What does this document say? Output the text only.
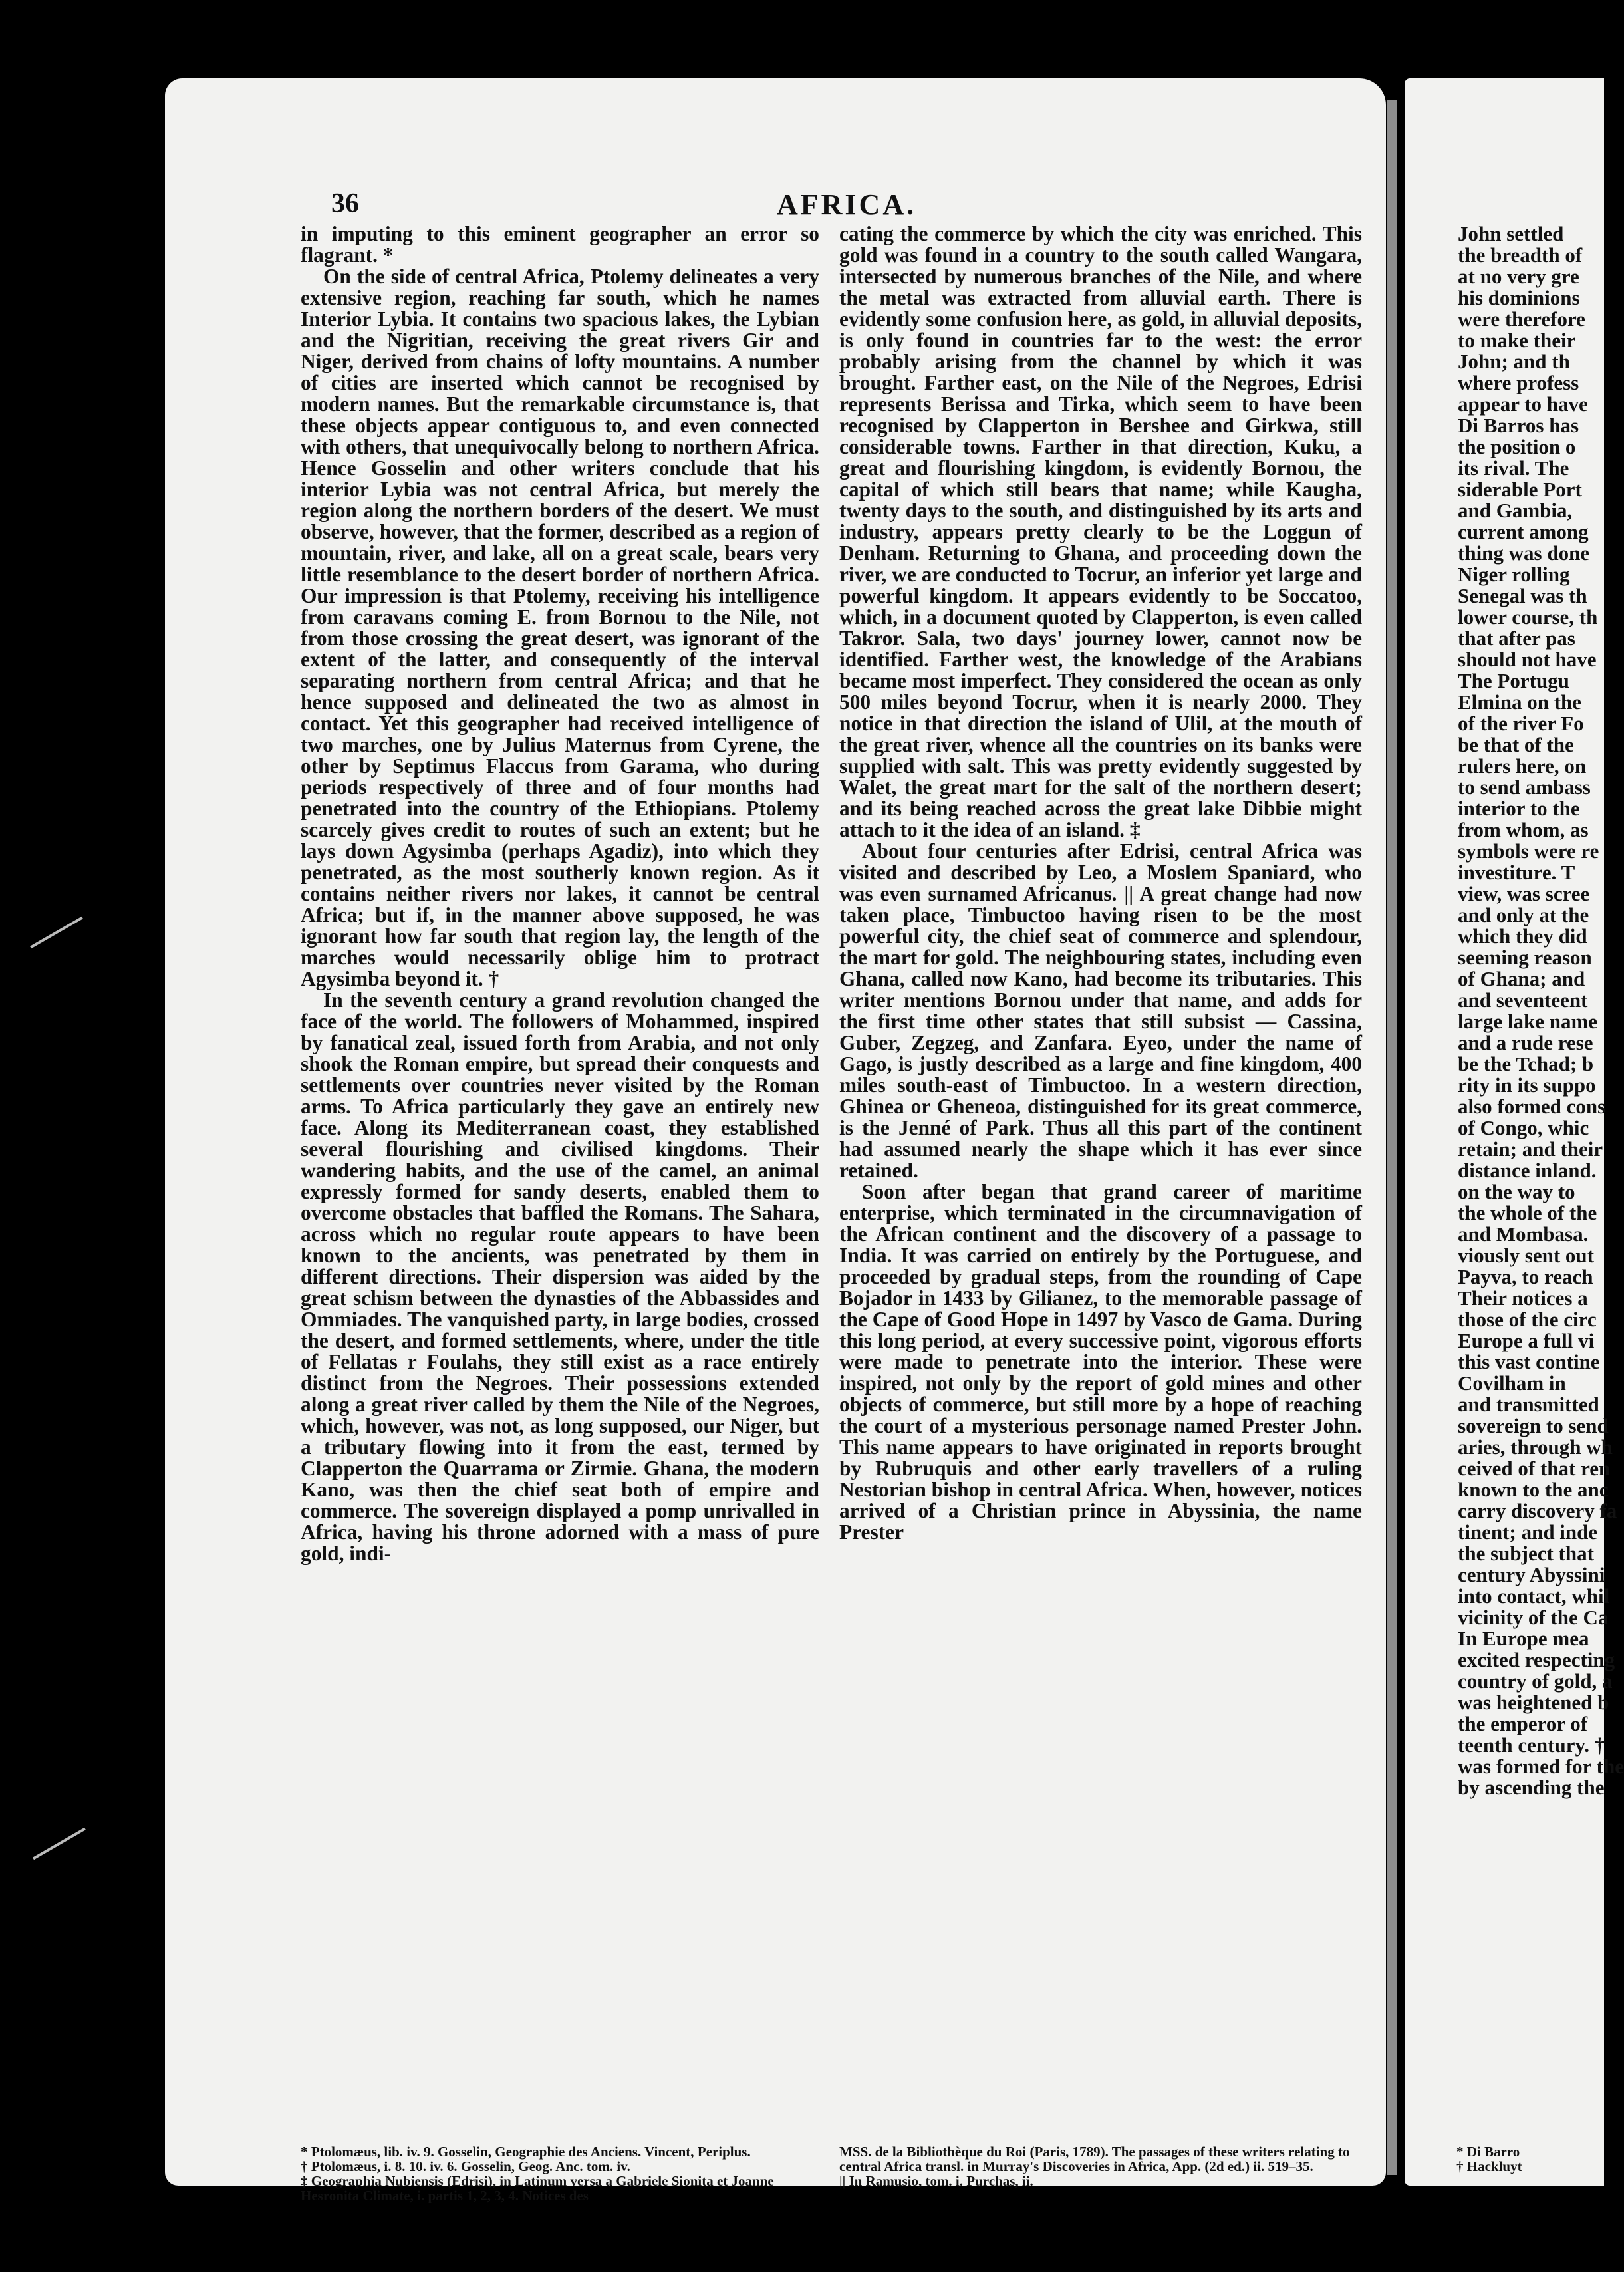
36	AFRICA.

in imputing to this eminent geographer an error so flagrant. *

On the side of central Africa, Ptolemy delineates a very extensive region, reaching far south, which he names Interior Lybia. It contains two spacious lakes, the Lybian and the Nigritian, receiving the great rivers Gir and Niger, derived from chains of lofty mountains. A number of cities are inserted which cannot be recognised by modern names. But the remarkable circumstance is, that these objects appear contiguous to, and even connected with others, that unequivocally belong to northern Africa. Hence Gosselin and other writers conclude that his interior Lybia was not central Africa, but merely the region along the northern borders of the desert. We must observe, however, that the former, described as a region of mountain, river, and lake, all on a great scale, bears very little resemblance to the desert border of northern Africa. Our impression is that Ptolemy, receiving his intelligence from caravans coming E. from Bornou to the Nile, not from those crossing the great desert, was ignorant of the extent of the latter, and consequently of the interval separating northern from central Africa; and that he hence supposed and delineated the two as almost in contact. Yet this geographer had received intelligence of two marches, one by Julius Maternus from Cyrene, the other by Septimus Flaccus from Garama, who during periods respectively of three and of four months had penetrated into the country of the Ethiopians. Ptolemy scarcely gives credit to routes of such an extent; but he lays down Agysimba (perhaps Agadiz), into which they penetrated, as the most southerly known region. As it contains neither rivers nor lakes, it cannot be central Africa; but if, in the manner above supposed, he was ignorant how far south that region lay, the length of the marches would necessarily oblige him to protract Agysimba beyond it. †

In the seventh century a grand revolution changed the face of the world. The followers of Mohammed, inspired by fanatical zeal, issued forth from Arabia, and not only shook the Roman empire, but spread their conquests and settlements over countries never visited by the Roman arms. To Africa particularly they gave an entirely new face. Along its Mediterranean coast, they established several flourishing and civilised kingdoms. Their wandering habits, and the use of the camel, an animal expressly formed for sandy deserts, enabled them to overcome obstacles that baffled the Romans. The Sahara, across which no regular route appears to have been known to the ancients, was penetrated by them in different directions. Their dispersion was aided by the great schism between the dynasties of the Abbassides and Ommiades. The vanquished party, in large bodies, crossed the desert, and formed settlements, where, under the title of Fellatas r Foulahs, they still exist as a race entirely distinct from the Negroes. Their possessions extended along a great river called by them the Nile of the Negroes, which, however, was not, as long supposed, our Niger, but a tributary flowing into it from the east, termed by Clapperton the Quarrama or Zirmie. Ghana, the modern Kano, was then the chief seat both of empire and commerce. The sovereign displayed a pomp unrivalled in Africa, having his throne adorned with a mass of pure gold, indi-

cating the commerce by which the city was enriched. This gold was found in a country to the south called Wangara, intersected by numerous branches of the Nile, and where the metal was extracted from alluvial earth. There is evidently some confusion here, as gold, in alluvial deposits, is only found in countries far to the west: the error probably arising from the channel by which it was brought. Farther east, on the Nile of the Negroes, Edrisi represents Berissa and Tirka, which seem to have been recognised by Clapperton in Bershee and Girkwa, still considerable towns. Farther in that direction, Kuku, a great and flourishing kingdom, is evidently Bornou, the capital of which still bears that name; while Kaugha, twenty days to the south, and distinguished by its arts and industry, appears pretty clearly to be the Loggun of Denham. Returning to Ghana, and proceeding down the river, we are conducted to Tocrur, an inferior yet large and powerful kingdom. It appears evidently to be Soccatoo, which, in a document quoted by Clapperton, is even called Takror. Sala, two days' journey lower, cannot now be identified. Farther west, the knowledge of the Arabians became most imperfect. They considered the ocean as only 500 miles beyond Tocrur, when it is nearly 2000. They notice in that direction the island of Ulil, at the mouth of the great river, whence all the countries on its banks were supplied with salt. This was pretty evidently suggested by Walet, the great mart for the salt of the northern desert; and its being reached across the great lake Dibbie might attach to it the idea of an island. ‡

About four centuries after Edrisi, central Africa was visited and described by Leo, a Moslem Spaniard, who was even surnamed Africanus. || A great change had now taken place, Timbuctoo having risen to be the most powerful city, the chief seat of commerce and splendour, the mart for gold. The neighbouring states, including even Ghana, called now Kano, had become its tributaries. This writer mentions Bornou under that name, and adds for the first time other states that still subsist — Cassina, Guber, Zegzeg, and Zanfara. Eyeo, under the name of Gago, is justly described as a large and fine kingdom, 400 miles south-east of Timbuctoo. In a western direction, Ghinea or Gheneoa, distinguished for its great commerce, is the Jenné of Park. Thus all this part of the continent had assumed nearly the shape which it has ever since retained.

Soon after began that grand career of maritime enterprise, which terminated in the circumnavigation of the African continent and the discovery of a passage to India. It was carried on entirely by the Portuguese, and proceeded by gradual steps, from the rounding of Cape Bojador in 1433 by Gilianez, to the memorable passage of the Cape of Good Hope in 1497 by Vasco de Gama. During this long period, at every successive point, vigorous efforts were made to penetrate into the interior. These were inspired, not only by the report of gold mines and other objects of commerce, but still more by a hope of reaching the court of a mysterious personage named Prester John. This name appears to have originated in reports brought by Rubruquis and other early travellers of a ruling Nestorian bishop in central Africa. When, however, notices arrived of a Christian prince in Abyssinia, the name Prester

John settled

the breadth of

at no very gre

his dominions

were therefore

to make their

John; and th

where profess

appear to have

Di Barros has

the position o

its rival. The

siderable Port

and Gambia,

current among

thing was done

Niger rolling

Senegal was th

lower course, th

that after pas

should not have

The Portugu

Elmina on the

of the river Fo

be that of the

rulers here, on

to send ambass

interior to the

from whom, as

symbols were re

investiture. T

view, was scree

and only at the

which they did

seeming reason

of Ghana; and

and seventeent

large lake name

and a rude rese

be the Tchad; b

rity in its suppo

also formed cons

of Congo, whic

retain; and their

distance inland.

on the way to

the whole of the

and Mombasa.

viously sent out

Payva, to reach

Their notices a

those of the circ

Europe a full vi

this vast contine

Covilham in

and transmitted

sovereign to send

aries, through wh

ceived of that ren

known to the anc

carry discovery fa

tinent; and inde

the subject that

century Abyssini

into contact, whil

vicinity of the Ca

In Europe mea

excited respecting

country of gold, a

was heightened b

the emperor of

teenth century. †

was formed for the

by ascending the

* Ptolomæus, lib. iv. 9. Gosselin, Geographie des Anciens. Vincent, Periplus.
† Ptolomæus, i. 8. 10. iv. 6. Gosselin, Geog. Anc. tom. iv.
‡ Geographia Nubiensis (Edrisi), in Latinum versa a Gabriele Sionita et Joanne Hesronita Climate, i. partis 1, 2, 3, 4. Notices des
MSS. de la Bibliothèque du Roi (Paris, 1789). The passages of these writers relating to central Africa transl. in Murray's Discoveries in Africa, App. (2d ed.) ii. 519–35.
|| In Ramusio, tom. i. Purchas, ii.
* Di Barro
† Hackluyt
